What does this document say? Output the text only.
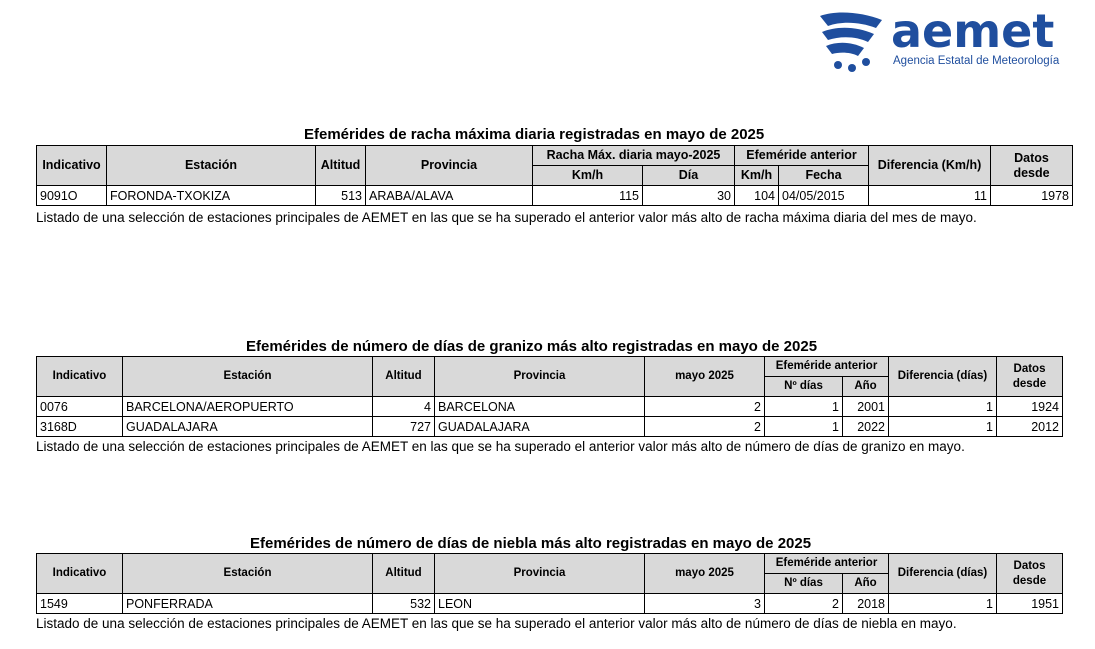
aemet
Agencia Estatal de Meteorología
Efemérides de racha máxima diaria registradas en mayo de 2025
Indicativo	Estación	Altitud	Provincia	Racha Máx. diaria mayo-2025		Efeméride anterior		Diferencia (Km/h)	Datos
desde
				Km/h	Día	Km/h	Fecha		
9091O	FORONDA-TXOKIZA	513	ARABA/ALAVA	115	30	104	04/05/2015	11	1978
Listado de una selección de estaciones principales de AEMET en las que se ha superado el anterior valor más alto de racha máxima diaria del mes de mayo.
Efemérides de número de días de granizo más alto registradas en mayo de 2025
Indicativo	Estación	Altitud	Provincia	mayo 2025	Efeméride anterior		Diferencia (días)	Datos
desde
					Nº días	Año		
0076	BARCELONA/AEROPUERTO	4	BARCELONA	2	1	2001	1	1924
3168D	GUADALAJARA	727	GUADALAJARA	2	1	2022	1	2012
Listado de una selección de estaciones principales de AEMET en las que se ha superado el anterior valor más alto de número de días de granizo en mayo.
Efemérides de número de días de niebla más alto registradas en mayo de 2025
Indicativo	Estación	Altitud	Provincia	mayo 2025	Efeméride anterior		Diferencia (días)	Datos
desde
					Nº días	Año		
1549	PONFERRADA	532	LEON	3	2	2018	1	1951
Listado de una selección de estaciones principales de AEMET en las que se ha superado el anterior valor más alto de número de días de niebla en mayo.
